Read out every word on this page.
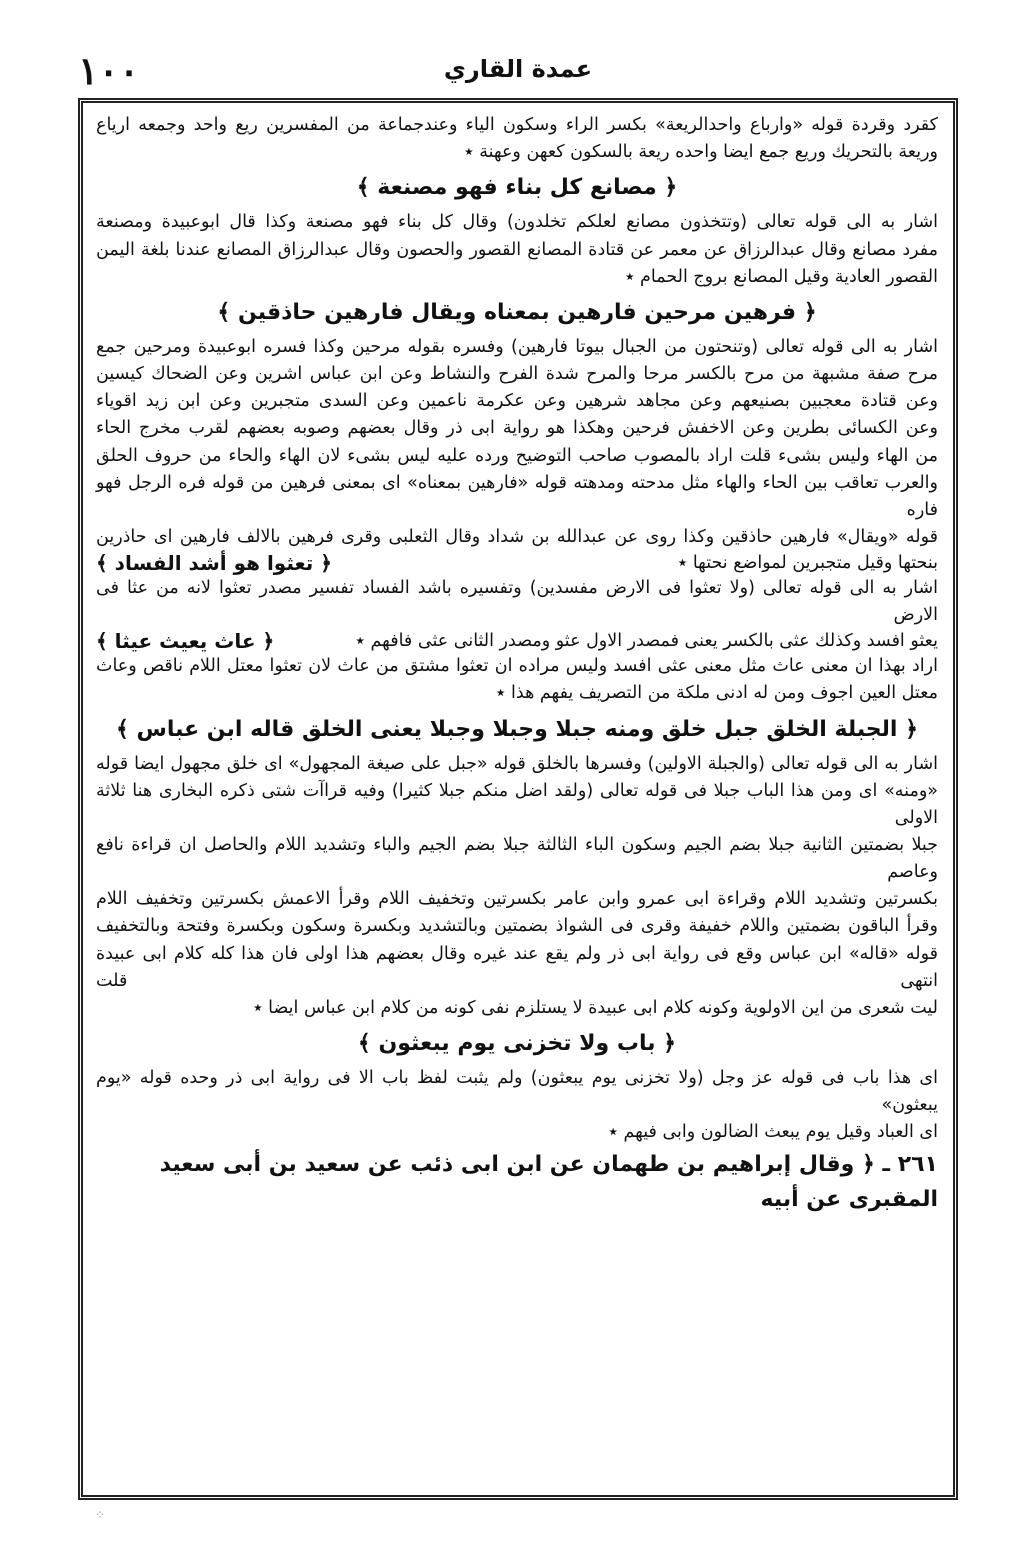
١٠٠	عمدة القاري
كقرد وقردة قوله «وارباع واحدالريعة» بكسر الراء وسكون الياء وعندجماعة من المفسرين ريع واحد وجمعه ارياع
وريعة بالتحريك وريع جمع ايضا واحده ريعة بالسكون كعهن وعهنة ٭
﴿ مصانع كل بناء فهو مصنعة ﴾
اشار به الى قوله تعالى (وتتخذون مصانع لعلكم تخلدون) وقال كل بناء فهو مصنعة وكذا قال ابوعبيدة ومصنعة
مفرد مصانع وقال عبدالرزاق عن معمر عن قتادة المصانع القصور والحصون وقال عبدالرزاق المصانع عندنا بلغة اليمن
القصور العادية وقيل المصانع بروج الحمام ٭
﴿ فرهين مرحين فارهين بمعناه ويقال فارهين حاذقين ﴾
اشار به الى قوله تعالى (وتنحتون من الجبال بيوتا فارهين) وفسره بقوله مرحين وكذا فسره ابوعبيدة ومرحين جمع
مرح صفة مشبهة من مرح بالكسر مرحا والمرح شدة الفرح والنشاط وعن ابن عباس اشرين وعن الضحاك كيسين
وعن قتادة معجبين بصنيعهم وعن مجاهد شرهين وعن عكرمة ناعمين وعن السدى متجبرين وعن ابن زيد اقوياء
وعن الكسائى بطرين وعن الاخفش فرحين وهكذا هو رواية ابى ذر وقال بعضهم وصوبه بعضهم لقرب مخرج الحاء
من الهاء وليس بشىء قلت اراد بالمصوب صاحب التوضيح ورده عليه ليس بشىء لان الهاء والحاء من حروف الحلق
والعرب تعاقب بين الحاء والهاء مثل مدحته ومدهته قوله «فارهين بمعناه» اى بمعنى فرهين من قوله فره الرجل فهو فاره
قوله «ويقال» فارهين حاذقين وكذا روى عن عبدالله بن شداد وقال الثعلبى وقرى فرهين بالالف فارهين اى حاذرين
بنحتها وقيل متجبرين لمواضع نحتها ٭
﴿ تعثوا هو أشد الفساد ﴾
اشار به الى قوله تعالى (ولا تعثوا فى الارض مفسدين) وتفسيره باشد الفساد تفسير مصدر تعثوا لانه من عثا فى الارض
يعثو افسد وكذلك عثى بالكسر يعنى فمصدر الاول عثو ومصدر الثانى عثى فافهم ٭
﴿ عاث يعيث عيثا ﴾
اراد بهذا ان معنى عاث مثل معنى عثى افسد وليس مراده ان تعثوا مشتق من عاث لان تعثوا معتل اللام ناقص وعاث
معتل العين اجوف ومن له ادنى ملكة من التصريف يفهم هذا ٭
﴿ الجبلة الخلق جبل خلق ومنه جبلا وجبلا وجبلا يعنى الخلق قاله ابن عباس ﴾
اشار به الى قوله تعالى (والجبلة الاولين) وفسرها بالخلق قوله «جبل على صيغة المجهول» اى خلق مجهول ايضا قوله
«ومنه» اى ومن هذا الباب جبلا فى قوله تعالى (ولقد اضل منكم جبلا كثيرا) وفيه قراآت شتى ذكره البخارى هنا ثلاثة الاولى
جبلا بضمتين الثانية جبلا بضم الجيم وسكون الباء الثالثة جبلا بضم الجيم والباء وتشديد اللام والحاصل ان قراءة نافع وعاصم
بكسرتين وتشديد اللام وقراءة ابى عمرو وابن عامر بكسرتين وتخفيف اللام وقرأ الاعمش بكسرتين وتخفيف اللام
وقرأ الباقون بضمتين واللام خفيفة وقرى فى الشواذ بضمتين وبالتشديد وبكسرة وسكون وبكسرة وفتحة وبالتخفيف
قوله «قاله» ابن عباس وقع فى رواية ابى ذر ولم يقع عند غيره وقال بعضهم هذا اولى فان هذا كله كلام ابى عبيدة انتهى قلت
ليت شعرى من اين الاولوية وكونه كلام ابى عبيدة لا يستلزم نفى كونه من كلام ابن عباس ايضا ٭
﴿ باب ولا تخزنى يوم يبعثون ﴾
اى هذا باب فى قوله عز وجل (ولا تخزنى يوم يبعثون) ولم يثبت لفظ باب الا فى رواية ابى ذر وحده قوله «يوم يبعثون»
اى العباد وقيل يوم يبعث الضالون وابى فيهم ٭
٢٦١ ـ ﴿ وقال إبراهيم بن طهمان عن ابن ابى ذئب عن سعيد بن أبى سعيد المقبرى عن أبيه
⁘
